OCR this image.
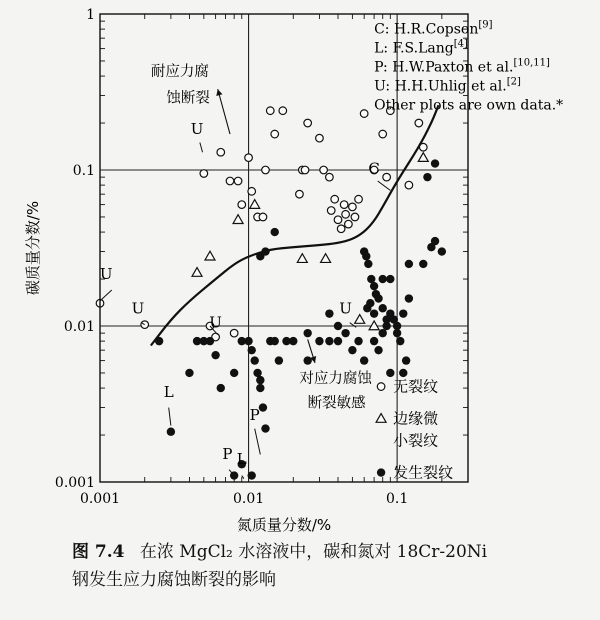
U
C
U
U
U
U
L
P
P L
耐应力腐
蚀断裂
对应力腐蚀
断裂敏感
0.001	0.01	0.1
1
0.1
0.01
0.001
氮质量分数/%
碳质量分数/%
C: H.R.Copson[9]
L: F.S.Lang[4]
P: H.W.Paxton et al.[10,11]
U: H.H.Uhlig et al.[2]
Other plots are own data.*
无裂纹
边缘微
小裂纹
发生裂纹
图 7.4 在浓 MgCl₂ 水溶液中，碳和氮对 18Cr-20Ni
钢发生应力腐蚀断裂的影响
